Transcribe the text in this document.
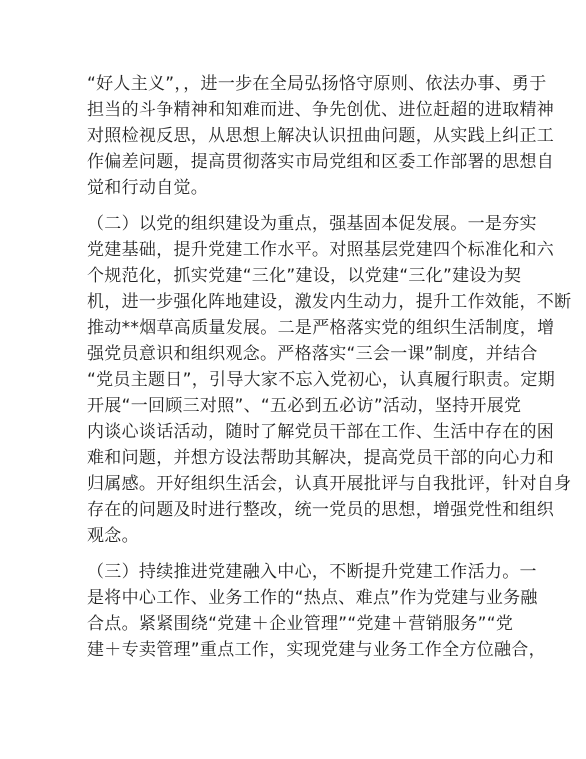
“好人主义”，，进一步在全局弘扬恪守原则、依法办事、勇于
担当的斗争精神和知难而进、争先创优、进位赶超的进取精神
对照检视反思，从思想上解决认识扭曲问题，从实践上纠正工
作偏差问题，提高贯彻落实市局党组和区委工作部署的思想自
觉和行动自觉。
（二）以党的组织建设为重点，强基固本促发展。一是夯实
党建基础，提升党建工作水平。对照基层党建四个标准化和六
个规范化，抓实党建“三化”建设，以党建“三化”建设为契
机，进一步强化阵地建设，激发内生动力，提升工作效能，不断
推动**烟草高质量发展。二是严格落实党的组织生活制度，增
强党员意识和组织观念。严格落实“三会一课”制度，并结合
“党员主题日”，引导大家不忘入党初心，认真履行职责。定期
开展“一回顾三对照”、“五必到五必访”活动，坚持开展党
内谈心谈话活动，随时了解党员干部在工作、生活中存在的困
难和问题，并想方设法帮助其解决，提高党员干部的向心力和
归属感。开好组织生活会，认真开展批评与自我批评，针对自身
存在的问题及时进行整改，统一党员的思想，增强党性和组织
观念。
（三）持续推进党建融入中心，不断提升党建工作活力。一
是将中心工作、业务工作的“热点、难点”作为党建与业务融
合点。紧紧围绕“党建＋企业管理”“党建＋营销服务”“党
建＋专卖管理”重点工作，实现党建与业务工作全方位融合，
